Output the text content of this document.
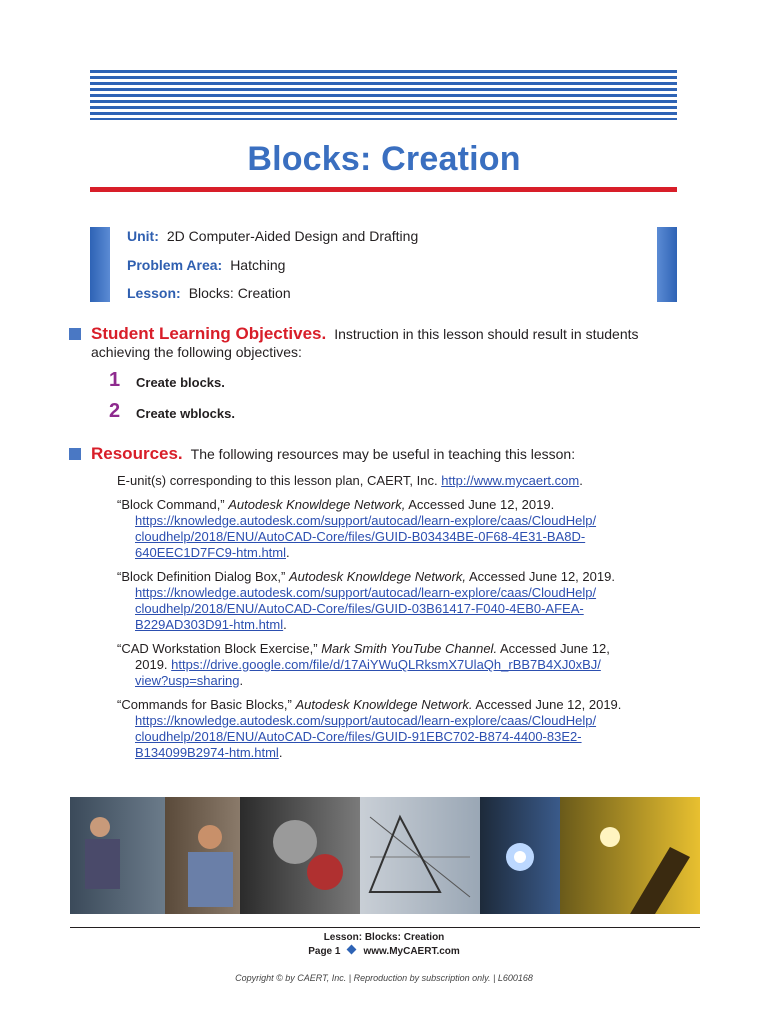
Blocks: Creation
Unit: 2D Computer-Aided Design and Drafting
Problem Area: Hatching
Lesson: Blocks: Creation
Student Learning Objectives. Instruction in this lesson should result in students
achieving the following objectives:
1 Create blocks.
2 Create wblocks.
Resources. The following resources may be useful in teaching this lesson:
E-unit(s) corresponding to this lesson plan, CAERT, Inc. http://www.mycaert.com.
“Block Command,” Autodesk Knowldege Network, Accessed June 12, 2019.
https://knowledge.autodesk.com/support/autocad/learn-explore/caas/CloudHelp/
cloudhelp/2018/ENU/AutoCAD-Core/files/GUID-B03434BE-0F68-4E31-BA8D-
640EEC1D7FC9-htm.html.
“Block Definition Dialog Box,” Autodesk Knowldege Network, Accessed June 12, 2019.
https://knowledge.autodesk.com/support/autocad/learn-explore/caas/CloudHelp/
cloudhelp/2018/ENU/AutoCAD-Core/files/GUID-03B61417-F040-4EB0-AFEA-
B229AD303D91-htm.html.
“CAD Workstation Block Exercise,” Mark Smith YouTube Channel. Accessed June 12,
2019. https://drive.google.com/file/d/17AiYWuQLRksmX7UlaQh_rBB7B4XJ0xBJ/
view?usp=sharing.
“Commands for Basic Blocks,” Autodesk Knowldege Network. Accessed June 12, 2019.
https://knowledge.autodesk.com/support/autocad/learn-explore/caas/CloudHelp/
cloudhelp/2018/ENU/AutoCAD-Core/files/GUID-91EBC702-B874-4400-83E2-
B134099B2974-htm.html.
Lesson: Blocks: Creation
Page 1 www.MyCAERT.com
Copyright © by CAERT, Inc. | Reproduction by subscription only. | L600168
